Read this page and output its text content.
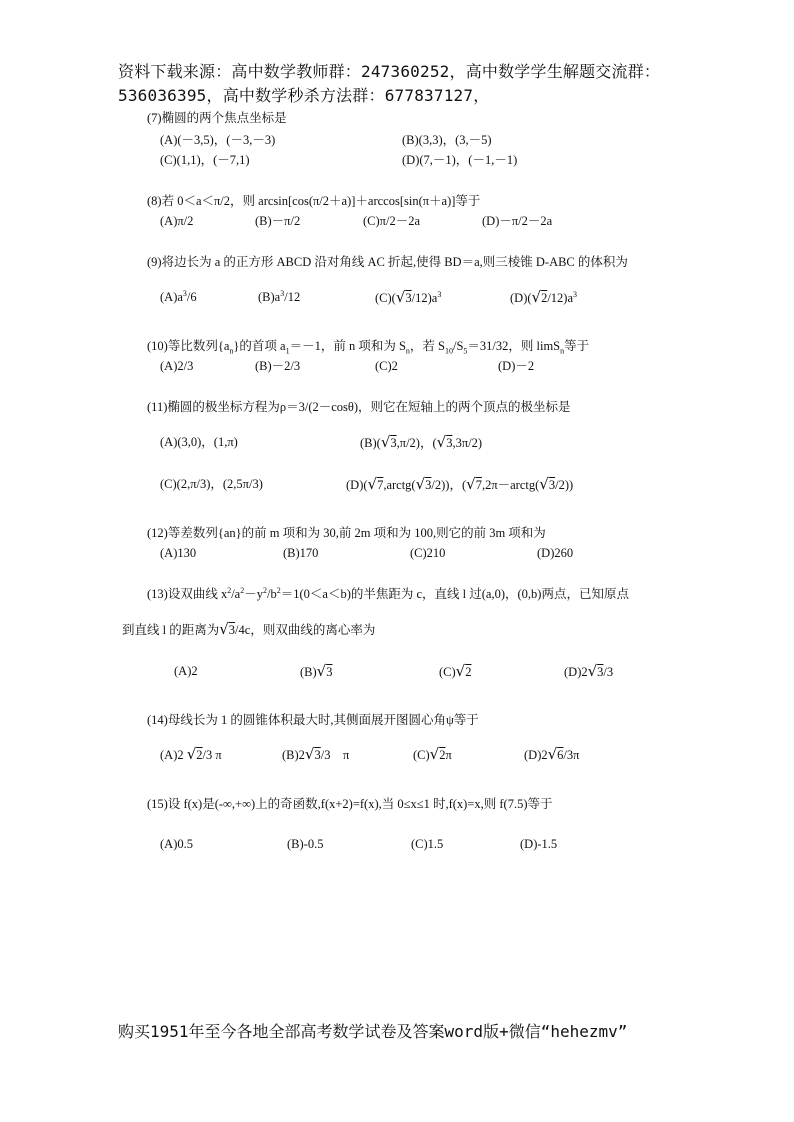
资料下载来源：高中数学教师群：247360252，高中数学学生解题交流群：
536036395，高中数学秒杀方法群：677837127，
(7)椭圆的两个焦点坐标是
(A)(－3,5)，(－3,－3)	(B)(3,3)，(3,－5)
(C)(1,1)，(－7,1)	(D)(7,－1)，(－1,－1)
(8)若 0＜a＜π/2，则 arcsin[cos(π/2＋a)]＋arccos[sin(π＋a)]等于
(A)π/2	(B)－π/2	(C)π/2－2a	(D)－π/2－2a
(9)将边长为 a 的正方形 ABCD 沿对角线 AC 折起,使得 BD＝a,则三棱锥 D-ABC 的体积为
$(A)a^3/6$	$(B)a^3/12$	$(C)(√3/12)a^3$	$(D)(√2/12)a^3$
(10)等比数列$\{a_n\}$的首项 $a_1=-1$，前 n 项和为 $S_n$，若 $S_{10}/S_5=31/32$，则 limS$_n$等于
(A)2/3	(B)－2/3	(C)2	(D)－2
(11)椭圆的极坐标方程为ρ＝3/(2－cosθ)，则它在短轴上的两个顶点的极坐标是
(A)(3,0)，(1,π)	(B)(√3,π/2)，(√3,3π/2)
(C)(2,π/3)，(2,5π/3)	(D)(√7,arctg(√3/2))，(√7,2π－arctg(√3/2))
(12)等差数列{an}的前 m 项和为 30,前 2m 项和为 100,则它的前 3m 项和为
(A)130	(B)170	(C)210	(D)260
(13)设双曲线 $x^2/a^2-y^2/b^2=1(0<a<b)$的半焦距为 c，直线 l 过(a,0)，(0,b)两点，已知原点
到直线 l 的距离为√3/4c，则双曲线的离心率为
(A)2	(B)√3	(C)√2	(D)2√3/3
(14)母线长为 1 的圆锥体积最大时,其侧面展开图圆心角ψ等于
(A)2 √2/3 π	(B)2√3/3　π	(C)√2π	(D)2√6/3π
(15)设 f(x)是(-∞,+∞)上的奇函数,f(x+2)=f(x),当 0≤x≤1 时,f(x)=x,则 f(7.5)等于
(A)0.5	(B)-0.5	(C)1.5	(D)-1.5
购买1951年至今各地全部高考数学试卷及答案word版+微信“hehezmv”
